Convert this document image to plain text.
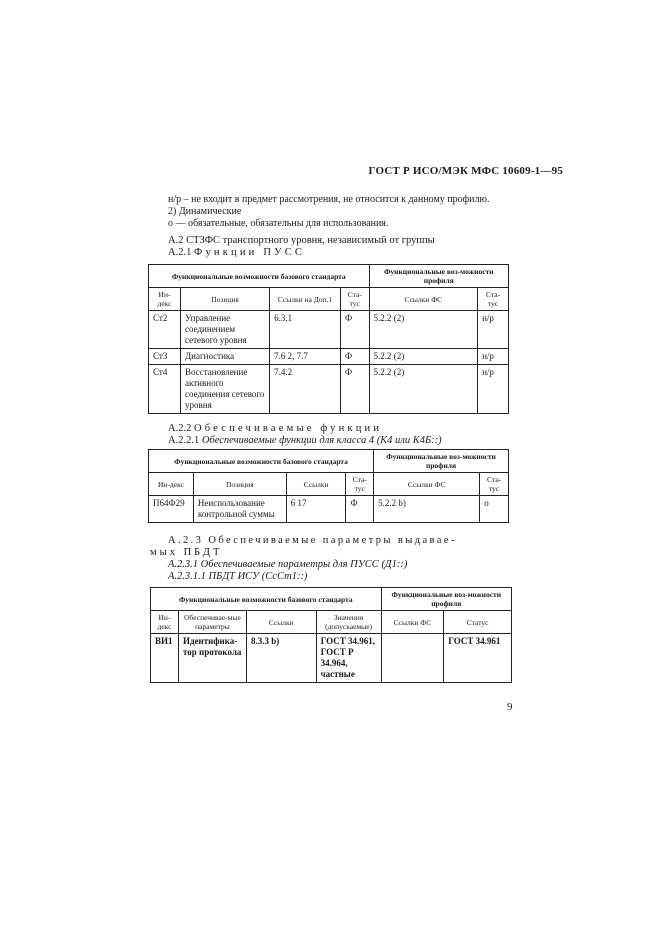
ГОСТ Р ИСО/МЭК МФС 10609-1—95
н/р – не входит в предмет рассмотрения, не относится к данному профилю.
2) Динамические
о — обязательные, обязательны для использования.
A.2 СТЗФС транспортного уровня, независимый от группы
A.2.1 Функции ПУСС
Функциональные возможности базового стандарта				Функциональные воз-можности профиля	
Ин-декс	Позиция	Ссылки на Доп.1	Ста-тус	Ссылки ФС	Ста-тус
Ст2	Управление соединением сетевого уровня	6.3.1	Ф	5.2.2 (2)	н/р
Ст3	Диагностика	7.6 2, 7.7	Ф	5.2.2 (2)	н/р
Ст4	Восстановление активного соединения сетевого уровня	7.4.2	Ф	5.2.2 (2)	н/р
A.2.2 Обеспечиваемые функции
A.2.2.1 Обеспечиваемые функции для класса 4 (К4 или К4Б::)
Функциональные возможности базового стандарта				Функциональные воз-можности профиля	
Ин-декс	Позиция	Ссылки	Ста-тус	Ссылки ФС	Ста-тус
П64Ф29	Неиспользование контрольной суммы	6 17	Ф	5.2.2 b)	о
A.2.3 Обеспечиваемые параметры выдавае-
мых ПБДТ
A.2.3.1 Обеспечиваемые параметры для ПУСС (Д1::)
A.2.3.1.1 ПБДТ ИСУ (СсСт1::)
Функциональные возможности базового стандарта				Функциональные воз-можности профиля	
Ин-декс	Обеспечивае-мые параметры	Ссылки	Значения (допускаемые)	Ссылки ФС	Статус
ВИ1	Идентифика-тор протокола	8.3.3 b)	ГОСТ 34.961, ГОСТ Р 34.964, частные		ГОСТ 34.961
9
